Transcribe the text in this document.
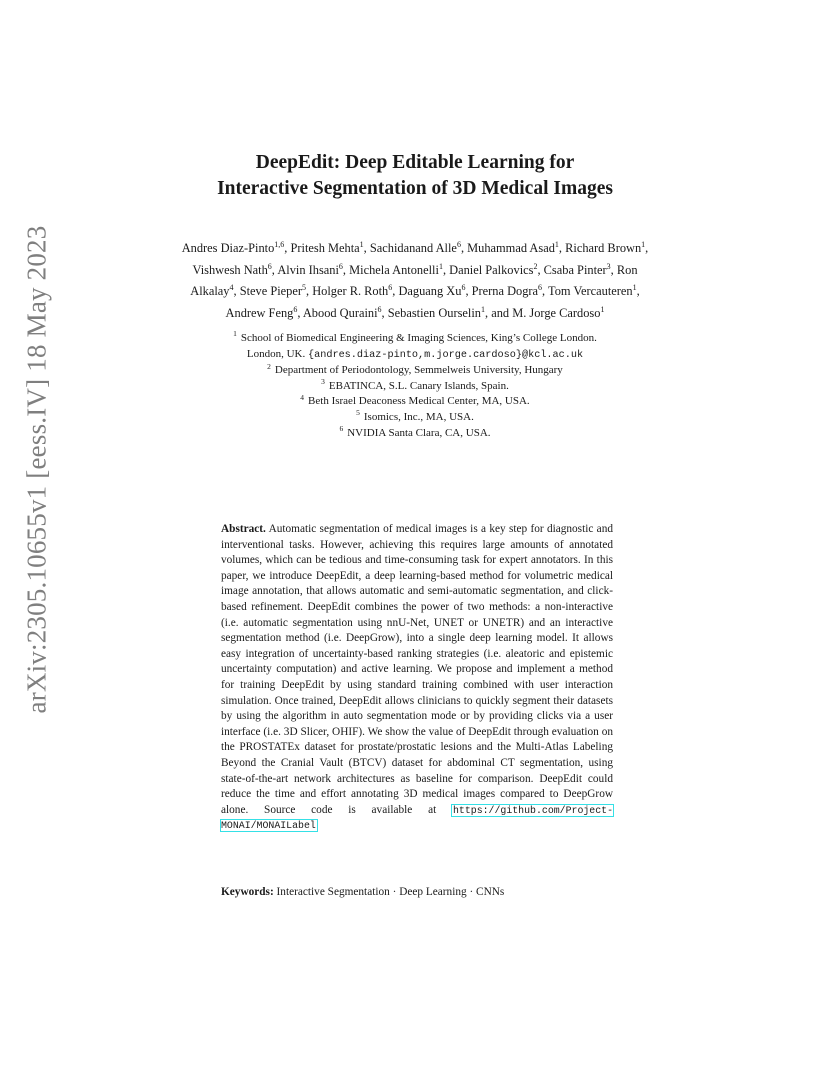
arXiv:2305.10655v1 [eess.IV] 18 May 2023
DeepEdit: Deep Editable Learning for
Interactive Segmentation of 3D Medical Images
Andres Diaz-Pinto$^{1,6}$, Pritesh Mehta$^1$, Sachidanand Alle$^6$, Muhammad Asad$^1$, Richard Brown$^1$, Vishwesh Nath$^6$, Alvin Ihsani$^6$, Michela Antonelli$^1$, Daniel Palkovics$^2$, Csaba Pinter$^3$, Ron Alkalay$^4$, Steve Pieper$^5$, Holger R. Roth$^6$, Daguang Xu$^6$, Prerna Dogra$^6$, Tom Vercauteren$^1$, Andrew Feng$^6$, Abood Quraini$^6$, Sebastien Ourselin$^1$, and M. Jorge Cardoso$^1$
$^1$ School of Biomedical Engineering & Imaging Sciences, King’s College London.
London, UK. {andres.diaz-pinto,m.jorge.cardoso}@kcl.ac.uk
$^2$ Department of Periodontology, Semmelweis University, Hungary
$^3$ EBATINCA, S.L. Canary Islands, Spain.
$^4$ Beth Israel Deaconess Medical Center, MA, USA.
$^5$ Isomics, Inc., MA, USA.
$^6$ NVIDIA Santa Clara, CA, USA.
Abstract. Automatic segmentation of medical images is a key step for diagnostic and interventional tasks. However, achieving this requires large amounts of annotated volumes, which can be tedious and time-consuming task for expert annotators. In this paper, we introduce DeepEdit, a deep learning-based method for volumetric medical image annotation, that allows automatic and semi-automatic segmentation, and click-based refinement. DeepEdit combines the power of two methods: a non-interactive (i.e. automatic segmentation using nnU-Net, UNET or UNETR) and an interactive segmentation method (i.e. DeepGrow), into a single deep learning model. It allows easy integration of uncertainty-based ranking strategies (i.e. aleatoric and epistemic uncertainty computation) and active learning. We propose and implement a method for training DeepEdit by using standard training combined with user interaction simulation. Once trained, DeepEdit allows clinicians to quickly segment their datasets by using the algorithm in auto segmentation mode or by providing clicks via a user interface (i.e. 3D Slicer, OHIF). We show the value of DeepEdit through evaluation on the PROSTATEx dataset for prostate/prostatic lesions and the Multi-Atlas Labeling Beyond the Cranial Vault (BTCV) dataset for abdominal CT segmentation, using state-of-the-art network architectures as baseline for comparison. DeepEdit could reduce the time and effort annotating 3D medical images compared to DeepGrow alone. Source code is available at https://github.com/Project-MONAI/MONAILabel
Keywords: Interactive Segmentation · Deep Learning · CNNs
